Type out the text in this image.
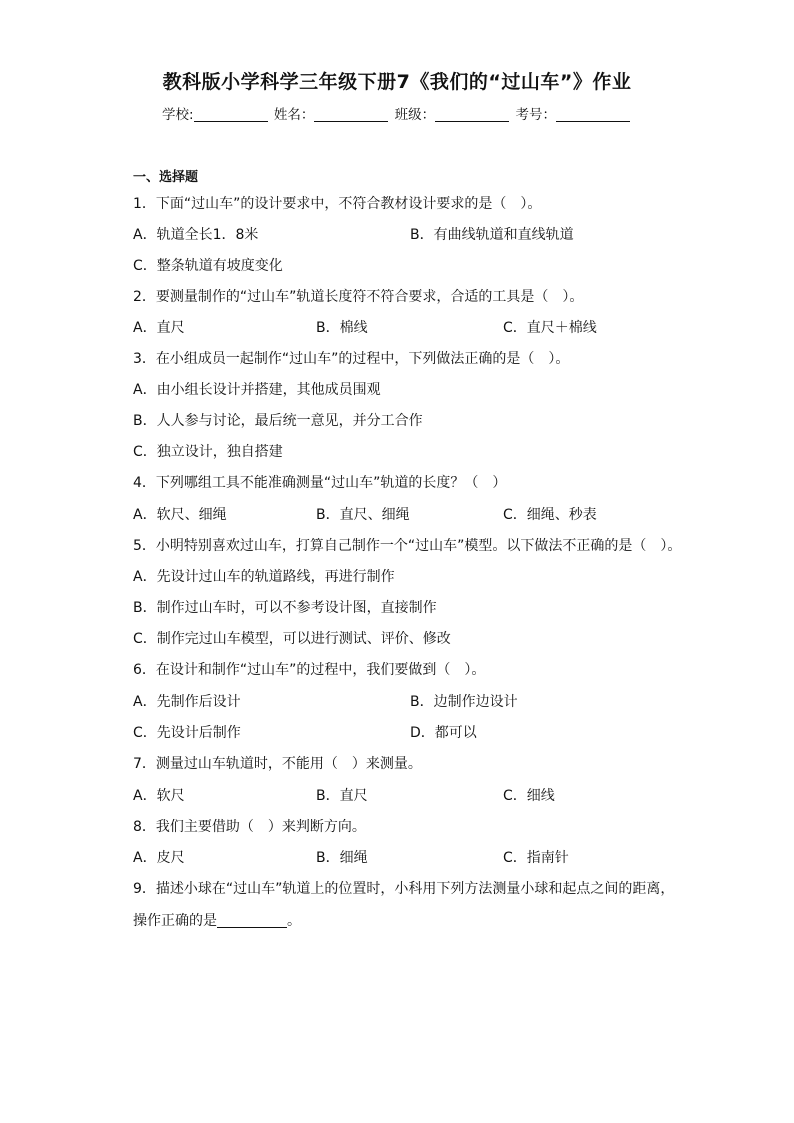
教科版小学科学三年级下册7《我们的“过山车”》作业
学校:	姓名：	班级：	考号：
一、选择题
1．下面“过山车”的设计要求中，不符合教材设计要求的是（　）。
A．轨道全长1．8米	B．有曲线轨道和直线轨道
C．整条轨道有坡度变化
2．要测量制作的“过山车”轨道长度符不符合要求，合适的工具是（　）。
A．直尺	B．棉线	C．直尺＋棉线
3．在小组成员一起制作“过山车”的过程中，下列做法正确的是（　）。
A．由小组长设计并搭建，其他成员围观
B．人人参与讨论，最后统一意见，并分工合作
C．独立设计，独自搭建
4．下列哪组工具不能准确测量“过山车”轨道的长度？（　）
A．软尺、细绳	B．直尺、细绳	C．细绳、秒表
5．小明特别喜欢过山车，打算自己制作一个“过山车”模型。以下做法不正确的是（　）。
A．先设计过山车的轨道路线，再进行制作
B．制作过山车时，可以不参考设计图，直接制作
C．制作完过山车模型，可以进行测试、评价、修改
6．在设计和制作“过山车”的过程中，我们要做到（　）。
A．先制作后设计	B．边制作边设计
C．先设计后制作	D．都可以
7．测量过山车轨道时，不能用（　）来测量。
A．软尺	B．直尺	C．细线
8．我们主要借助（　）来判断方向。
A．皮尺	B．细绳	C．指南针
9．描述小球在“过山车”轨道上的位置时，小科用下列方法测量小球和起点之间的距离，
操作正确的是	。
